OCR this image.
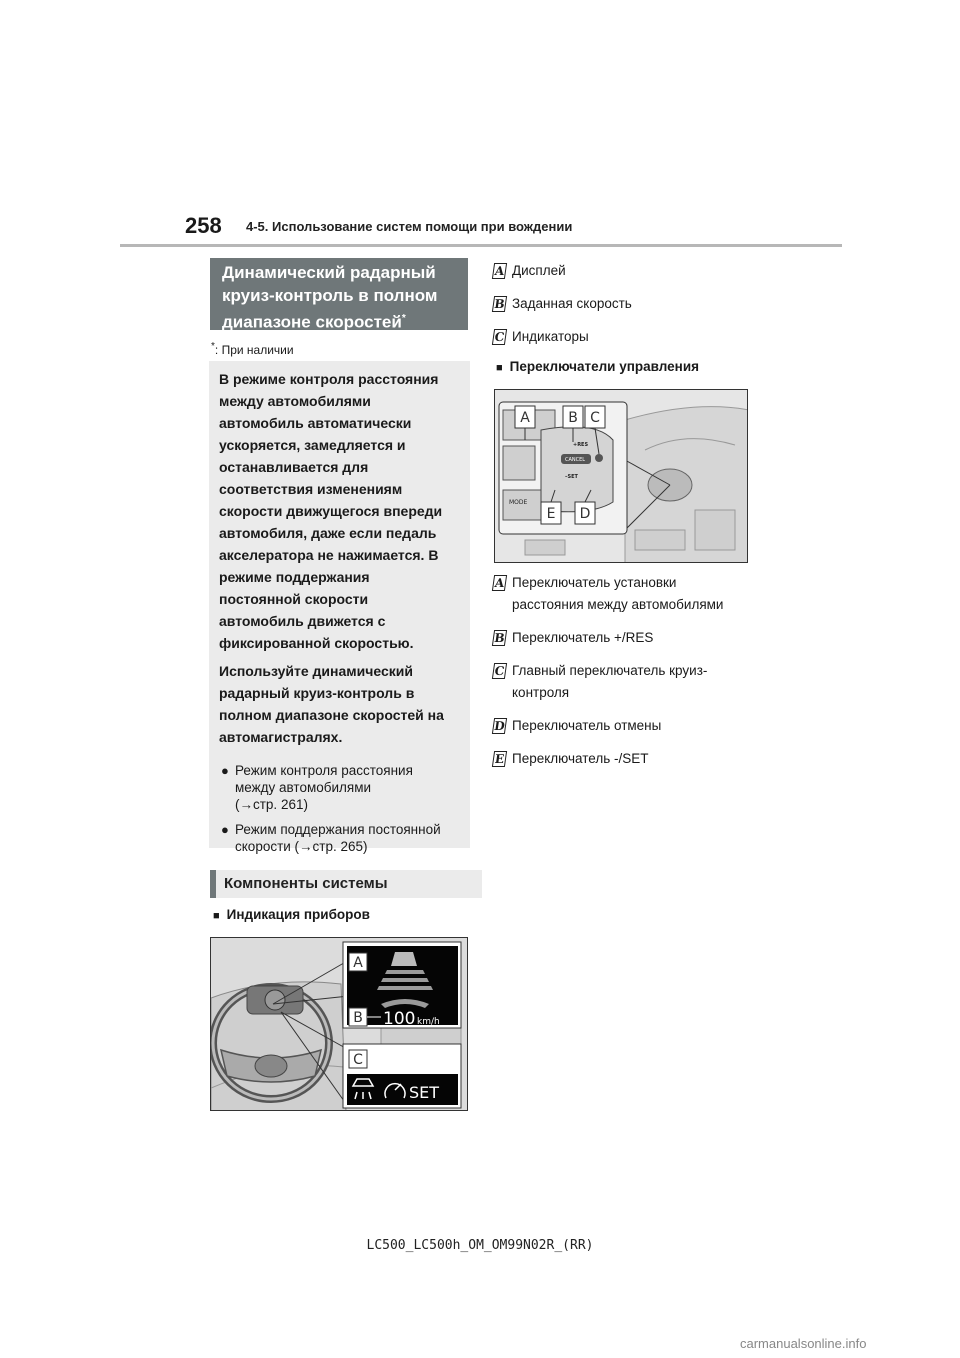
258 4-5. Использование систем помощи при вождении
Динамический радарный
круиз-контроль в полном
диапазоне скоростей*
*: При наличии
В режиме контроля расстояния
между автомобилями
автомобиль автоматически
ускоряется, замедляется и
останавливается для
соответствия изменениям
скорости движущегося впереди
автомобиля, даже если педаль
акселератора не нажимается. В
режиме поддержания
постоянной скорости
автомобиль движется с
фиксированной скоростью.
Используйте динамический
радарный круиз-контроль в
полном диапазоне скоростей на
автомагистралях.
● Режим контроля расстояния
между автомобилями
(→стр. 261)
● Режим поддержания постоянной
скорости (→стр. 265)
Компоненты системы
■ Индикация приборов
A
B 100 km/h
C
SET
A Дисплей
B Заданная скорость
C Индикаторы
■ Переключатели управления
MODE
+RES
CANCEL
–SET
A	B C
D
E
A Переключатель установки
расстояния между автомобилями
B Переключатель +/RES
C Главный переключатель круиз-
контроля
D Переключатель отмены
E Переключатель -/SET
LC500_LC500h_OM_OM99N02R_(RR)
carmanualsonline.info
